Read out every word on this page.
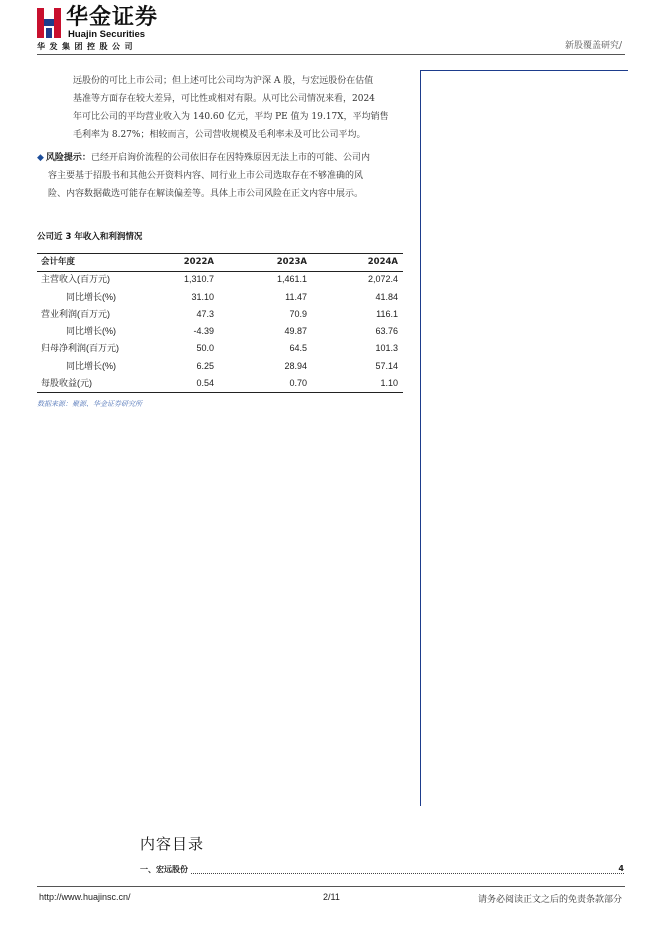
华金证券
Huajin Securities
华发集团控股公司	新股覆盖研究/
远股份的可比上市公司；但上述可比公司均为沪深 A 股，与宏远股份在估值
基准等方面存在较大差异，可比性或相对有限。从可比公司情况来看，2024
年可比公司的平均营业收入为 140.60 亿元，平均 PE 值为 19.17X，平均销售
毛利率为 8.27%；相较而言，公司营收规模及毛利率未及可比公司平均。
◆ 风险提示：已经开启询价流程的公司依旧存在因特殊原因无法上市的可能、公司内
容主要基于招股书和其他公开资料内容、同行业上市公司选取存在不够准确的风
险、内容数据截选可能存在解读偏差等。具体上市公司风险在正文内容中展示。
公司近 3 年收入和利润情况
会计年度	2022A	2023A	2024A
主营收入(百万元)	1,310.7	1,461.1	2,072.4
同比增长(%)	31.10	11.47	41.84
营业利润(百万元)	47.3	70.9	116.1
同比增长(%)	-4.39	49.87	63.76
归母净利润(百万元)	50.0	64.5	101.3
同比增长(%)	6.25	28.94	57.14
每股收益(元)	0.54	0.70	1.10
数据来源：聚源、华金证券研究所
内容目录
一、宏远股份	4
http://www.huajinsc.cn/	2/11	请务必阅读正文之后的免责条款部分
